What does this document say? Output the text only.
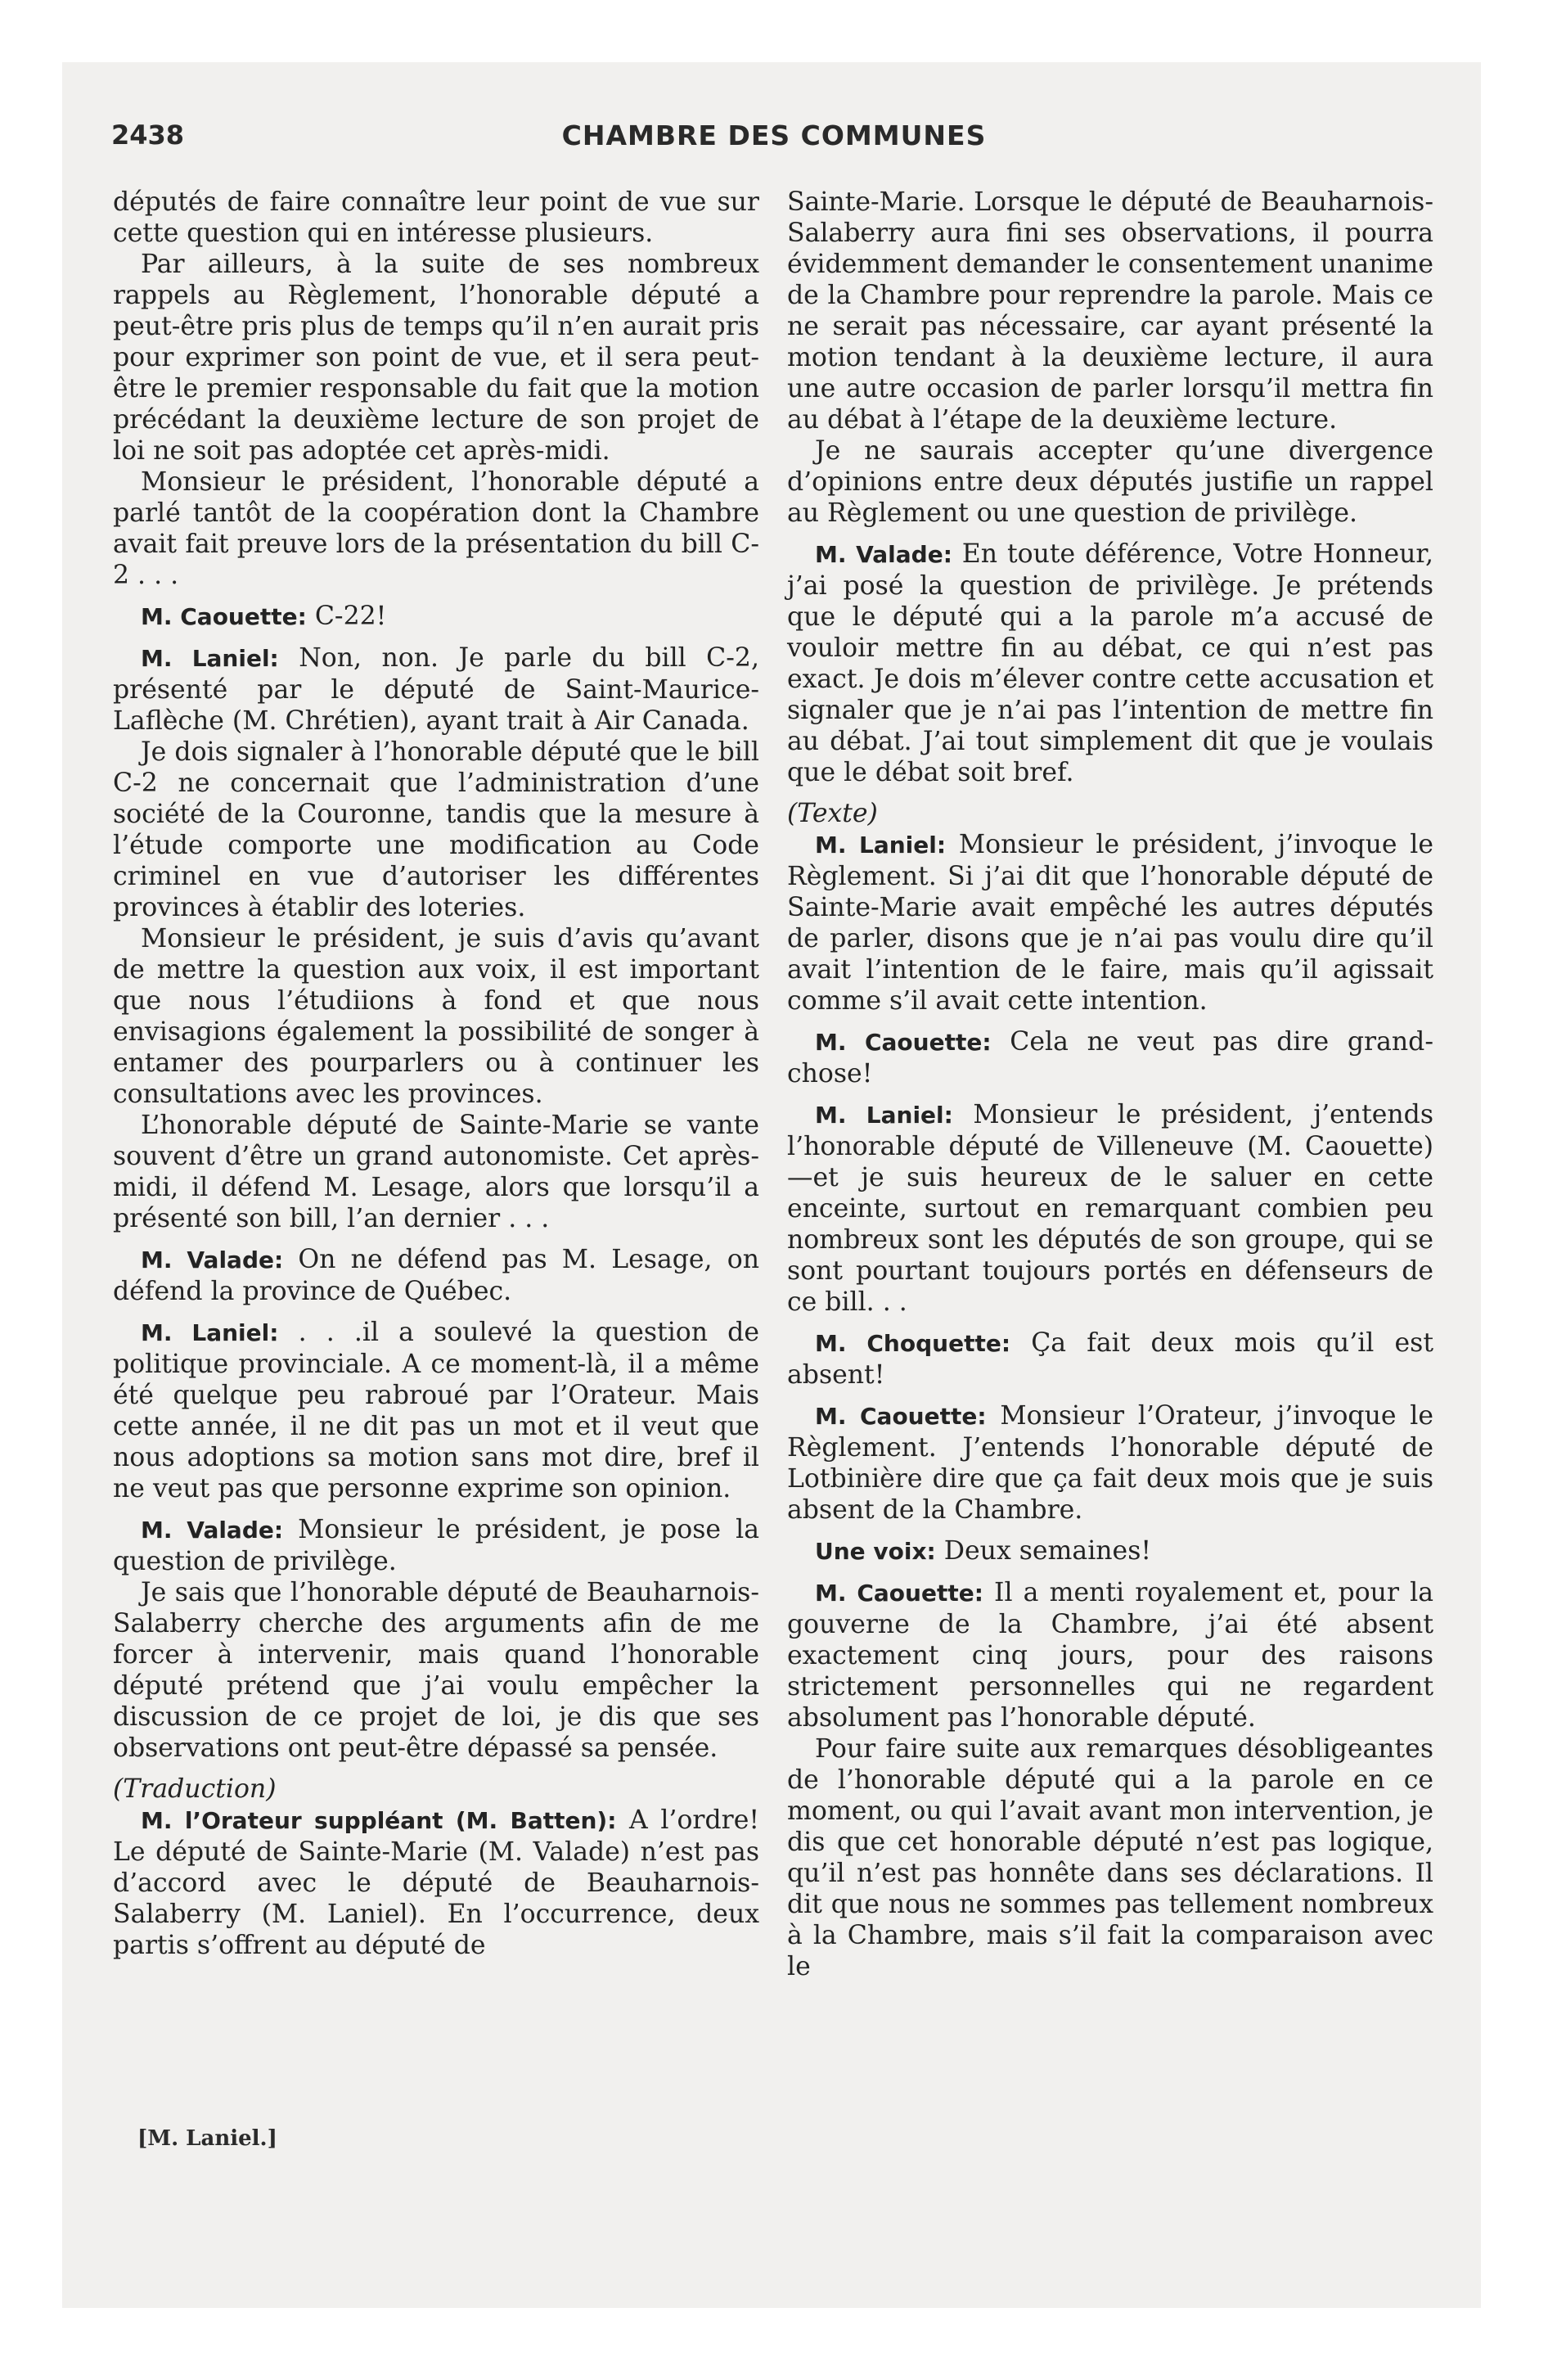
2438	CHAMBRE DES COMMUNES

députés de faire connaître leur point de vue sur cette question qui en intéresse plusieurs.

Par ailleurs, à la suite de ses nombreux rappels au Règlement, l’honorable député a peut-être pris plus de temps qu’il n’en aurait pris pour exprimer son point de vue, et il sera peut-être le premier responsable du fait que la motion précédant la deuxième lecture de son projet de loi ne soit pas adoptée cet après-midi.

Monsieur le président, l’honorable député a parlé tantôt de la coopération dont la Chambre avait fait preuve lors de la présentation du bill C-2 . . .

M. Caouette: C-22!

M. Laniel: Non, non. Je parle du bill C-2, présenté par le député de Saint-Maurice-Laflèche (M. Chrétien), ayant trait à Air Canada.

Je dois signaler à l’honorable député que le bill C-2 ne concernait que l’administration d’une société de la Couronne, tandis que la mesure à l’étude comporte une modification au Code criminel en vue d’autoriser les différentes provinces à établir des loteries.

Monsieur le président, je suis d’avis qu’avant de mettre la question aux voix, il est important que nous l’étudiions à fond et que nous envisagions également la possibilité de songer à entamer des pourparlers ou à continuer les consultations avec les provinces.

L’honorable député de Sainte-Marie se vante souvent d’être un grand autonomiste. Cet après-midi, il défend M. Lesage, alors que lorsqu’il a présenté son bill, l’an dernier . . .

M. Valade: On ne défend pas M. Lesage, on défend la province de Québec.

M. Laniel: . . .il a soulevé la question de politique provinciale. A ce moment-là, il a même été quelque peu rabroué par l’Orateur. Mais cette année, il ne dit pas un mot et il veut que nous adoptions sa motion sans mot dire, bref il ne veut pas que personne exprime son opinion.

M. Valade: Monsieur le président, je pose la question de privilège.

Je sais que l’honorable député de Beauharnois-Salaberry cherche des arguments afin de me forcer à intervenir, mais quand l’honorable député prétend que j’ai voulu empêcher la discussion de ce projet de loi, je dis que ses observations ont peut-être dépassé sa pensée.

(Traduction)

M. l’Orateur suppléant (M. Batten): A l’ordre! Le député de Sainte-Marie (M. Valade) n’est pas d’accord avec le député de Beauharnois-Salaberry (M. Laniel). En l’occurrence, deux partis s’offrent au député de

Sainte-Marie. Lorsque le député de Beauharnois-Salaberry aura fini ses observations, il pourra évidemment demander le consentement unanime de la Chambre pour reprendre la parole. Mais ce ne serait pas nécessaire, car ayant présenté la motion tendant à la deuxième lecture, il aura une autre occasion de parler lorsqu’il mettra fin au débat à l’étape de la deuxième lecture.

Je ne saurais accepter qu’une divergence d’opinions entre deux députés justifie un rappel au Règlement ou une question de privilège.

M. Valade: En toute déférence, Votre Honneur, j’ai posé la question de privilège. Je prétends que le député qui a la parole m’a accusé de vouloir mettre fin au débat, ce qui n’est pas exact. Je dois m’élever contre cette accusation et signaler que je n’ai pas l’intention de mettre fin au débat. J’ai tout simplement dit que je voulais que le débat soit bref.

(Texte)

M. Laniel: Monsieur le président, j’invoque le Règlement. Si j’ai dit que l’honorable député de Sainte-Marie avait empêché les autres députés de parler, disons que je n’ai pas voulu dire qu’il avait l’intention de le faire, mais qu’il agissait comme s’il avait cette intention.

M. Caouette: Cela ne veut pas dire grand-chose!

M. Laniel: Monsieur le président, j’entends l’honorable député de Villeneuve (M. Caouette)—et je suis heureux de le saluer en cette enceinte, surtout en remarquant combien peu nombreux sont les députés de son groupe, qui se sont pourtant toujours portés en défenseurs de ce bill. . .

M. Choquette: Ça fait deux mois qu’il est absent!

M. Caouette: Monsieur l’Orateur, j’invoque le Règlement. J’entends l’honorable député de Lotbinière dire que ça fait deux mois que je suis absent de la Chambre.

Une voix: Deux semaines!

M. Caouette: Il a menti royalement et, pour la gouverne de la Chambre, j’ai été absent exactement cinq jours, pour des raisons strictement personnelles qui ne regardent absolument pas l’honorable député.

Pour faire suite aux remarques désobligeantes de l’honorable député qui a la parole en ce moment, ou qui l’avait avant mon intervention, je dis que cet honorable député n’est pas logique, qu’il n’est pas honnête dans ses déclarations. Il dit que nous ne sommes pas tellement nombreux à la Chambre, mais s’il fait la comparaison avec le

[M. Laniel.]
